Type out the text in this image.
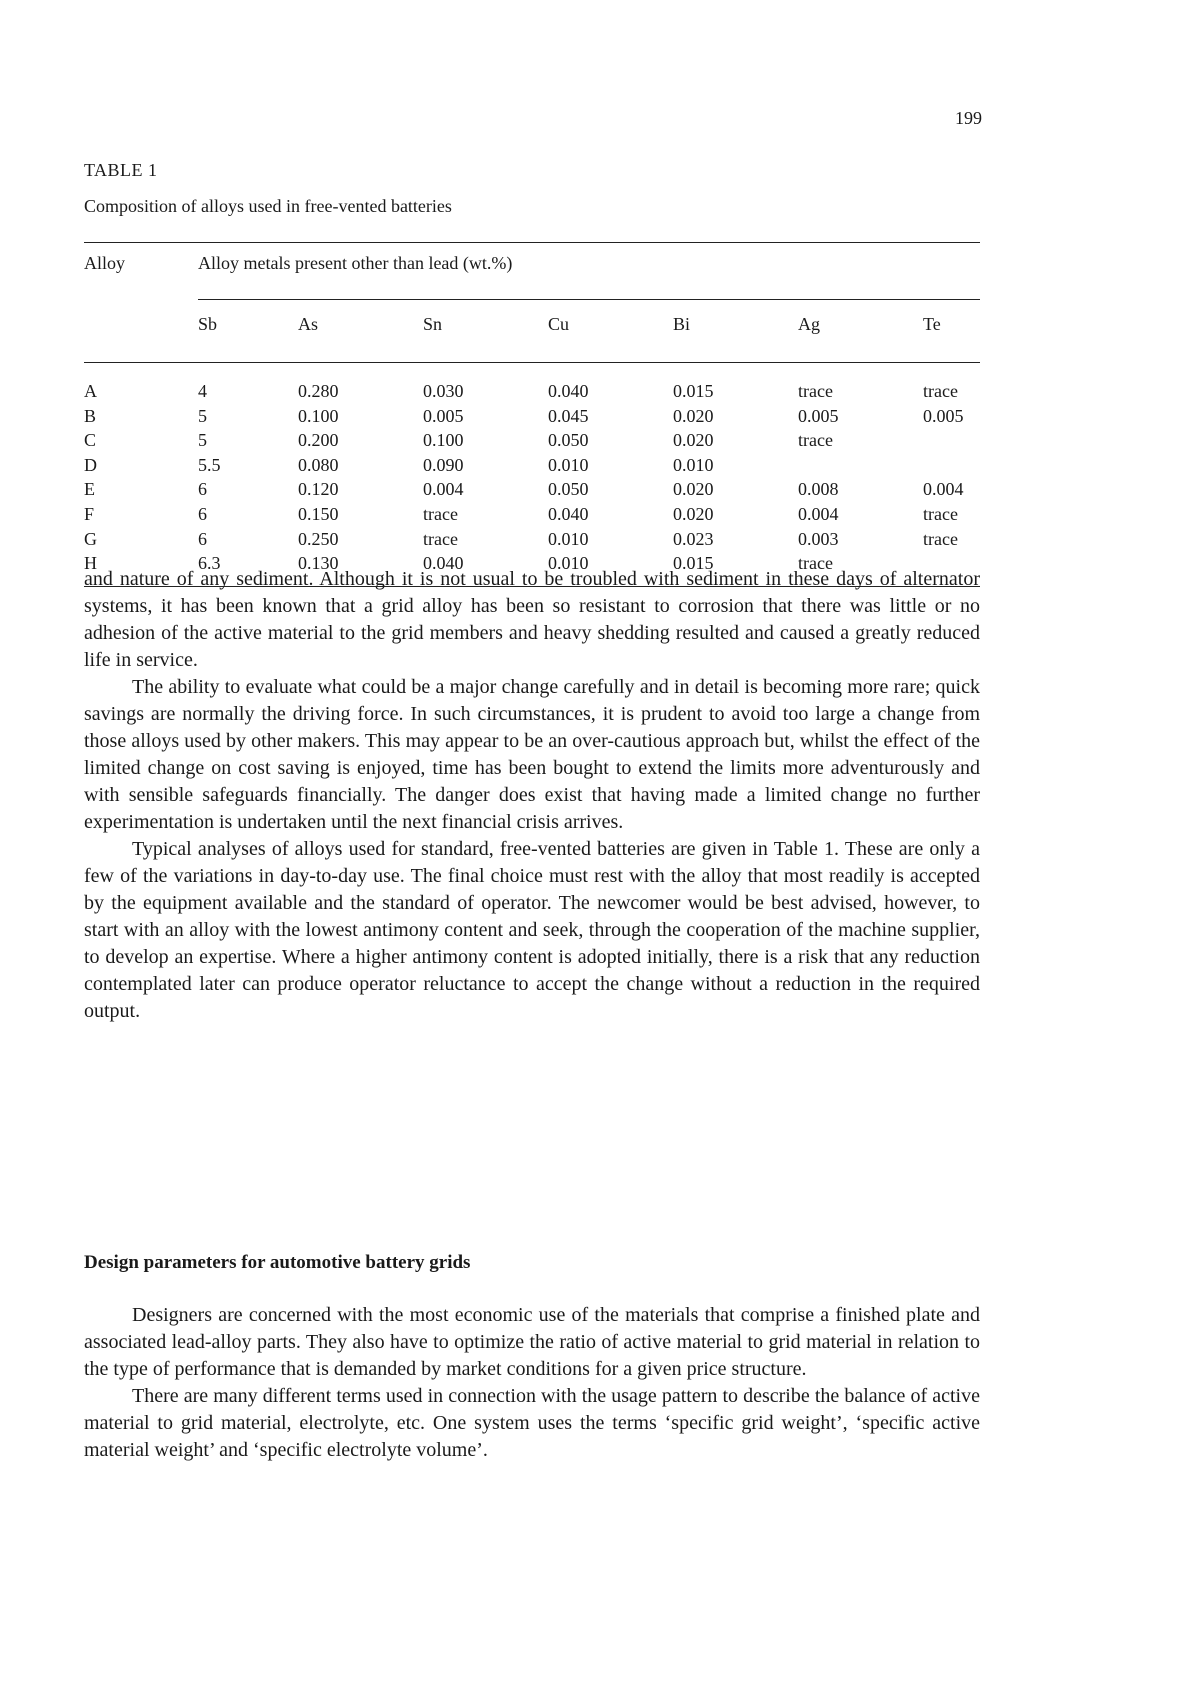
199
TABLE 1
Composition of alloys used in free-vented batteries
Alloy	Alloy metals present other than lead (wt.%)						
	Sb	As	Sn	Cu	Bi	Ag	Te
A	4	0.280	0.030	0.040	0.015	trace	trace
B	5	0.100	0.005	0.045	0.020	0.005	0.005
C	5	0.200	0.100	0.050	0.020	trace	
D	5.5	0.080	0.090	0.010	0.010		
E	6	0.120	0.004	0.050	0.020	0.008	0.004
F	6	0.150	trace	0.040	0.020	0.004	trace
G	6	0.250	trace	0.010	0.023	0.003	trace
H	6.3	0.130	0.040	0.010	0.015	trace	

and nature of any sediment. Although it is not usual to be troubled with sediment in these days of alternator systems, it has been known that a grid alloy has been so resistant to corrosion that there was little or no adhesion of the active material to the grid members and heavy shedding resulted and caused a greatly reduced life in service.

The ability to evaluate what could be a major change carefully and in detail is becoming more rare; quick savings are normally the driving force. In such circumstances, it is prudent to avoid too large a change from those alloys used by other makers. This may appear to be an over-cautious approach but, whilst the effect of the limited change on cost saving is enjoyed, time has been bought to extend the limits more adventurously and with sensible safeguards financially. The danger does exist that having made a limited change no further experimentation is undertaken until the next financial crisis arrives.

Typical analyses of alloys used for standard, free-vented batteries are given in Table 1. These are only a few of the variations in day-to-day use. The final choice must rest with the alloy that most readily is accepted by the equipment available and the standard of operator. The newcomer would be best advised, however, to start with an alloy with the lowest antimony content and seek, through the cooperation of the machine supplier, to develop an expertise. Where a higher antimony content is adopted initially, there is a risk that any reduction contemplated later can produce operator reluctance to accept the change without a reduction in the required output.

Design parameters for automotive battery grids

Designers are concerned with the most economic use of the materials that comprise a finished plate and associated lead-alloy parts. They also have to optimize the ratio of active material to grid material in relation to the type of performance that is demanded by market conditions for a given price structure.

There are many different terms used in connection with the usage pattern to describe the balance of active material to grid material, electrolyte, etc. One system uses the terms ‘specific grid weight’, ‘specific active material weight’ and ‘specific electrolyte volume’.
